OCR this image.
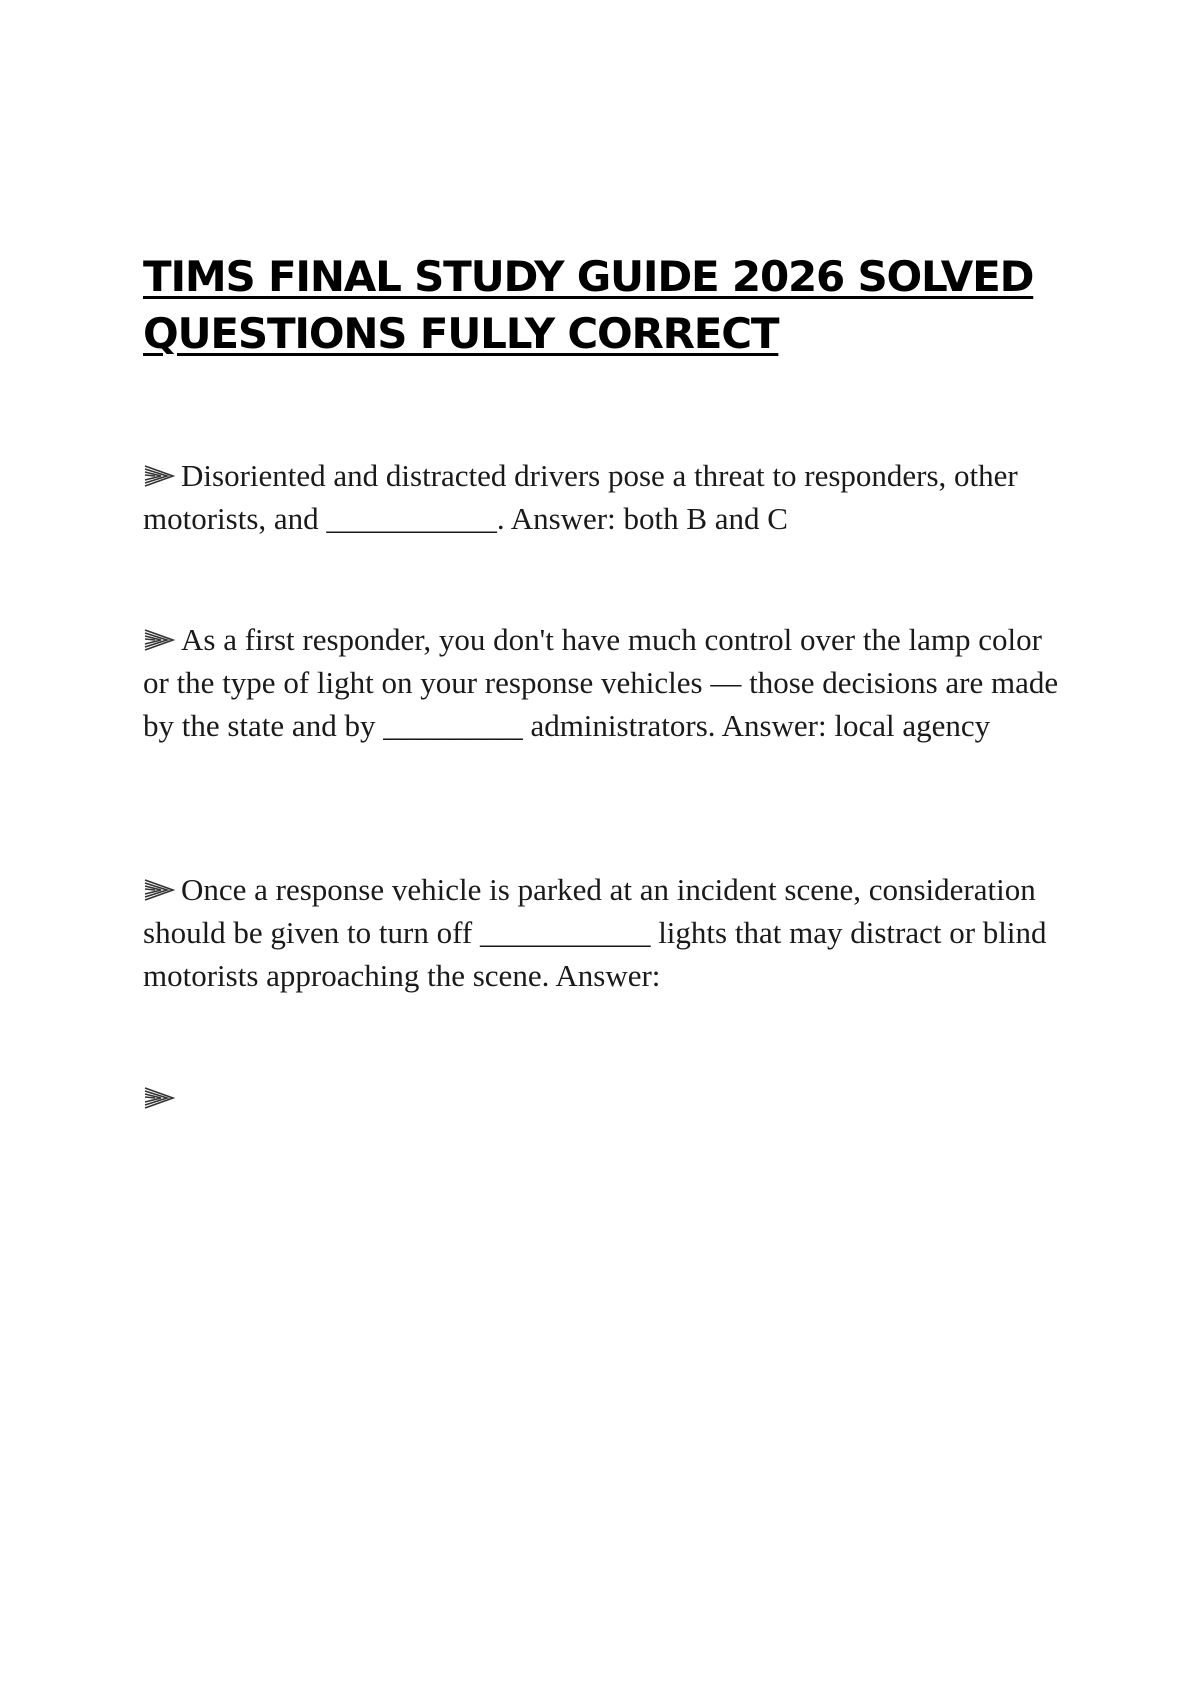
TIMS FINAL STUDY GUIDE 2026 SOLVED
QUESTIONS FULLY CORRECT

Disoriented and distracted drivers pose a threat to responders, other motorists, and ___________. Answer: both B and C

As a first responder, you don't have much control over the lamp color or the type of light on your response vehicles — those decisions are made by the state and by _________ administrators. Answer: local agency

Once a response vehicle is parked at an incident scene, consideration should be given to turn off ___________ lights that may distract or blind motorists approaching the scene. Answer:
